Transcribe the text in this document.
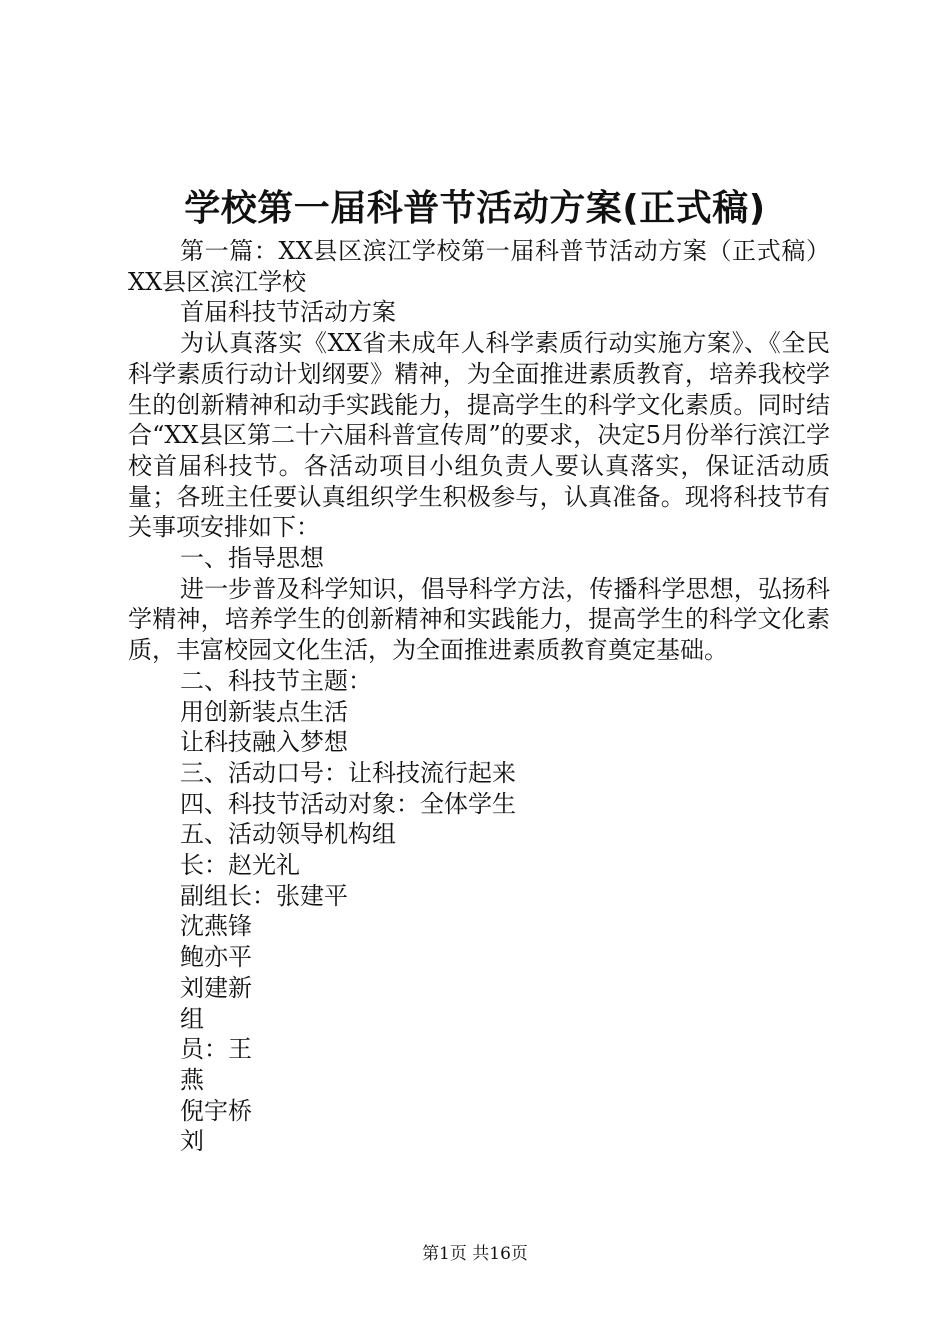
学校第一届科普节活动方案(正式稿)

第一篇：XX县区滨江学校第一届科普节活动方案（正式稿）XX县区滨江学校

首届科技节活动方案

为认真落实《XX省未成年人科学素质行动实施方案》、《全民科学素质行动计划纲要》精神，为全面推进素质教育，培养我校学生的创新精神和动手实践能力，提高学生的科学文化素质。同时结合“XX县区第二十六届科普宣传周”的要求，决定5月份举行滨江学校首届科技节。各活动项目小组负责人要认真落实，保证活动质量；各班主任要认真组织学生积极参与，认真准备。现将科技节有关事项安排如下：

一、指导思想

进一步普及科学知识，倡导科学方法，传播科学思想，弘扬科学精神，培养学生的创新精神和实践能力，提高学生的科学文化素质，丰富校园文化生活，为全面推进素质教育奠定基础。

二、科技节主题：

用创新装点生活

让科技融入梦想

三、活动口号：让科技流行起来

四、科技节活动对象：全体学生

五、活动领导机构组

长：赵光礼

副组长：张建平

沈燕锋

鲍亦平

刘建新

组

员：王

燕

倪宇桥

刘

第1页 共16页
